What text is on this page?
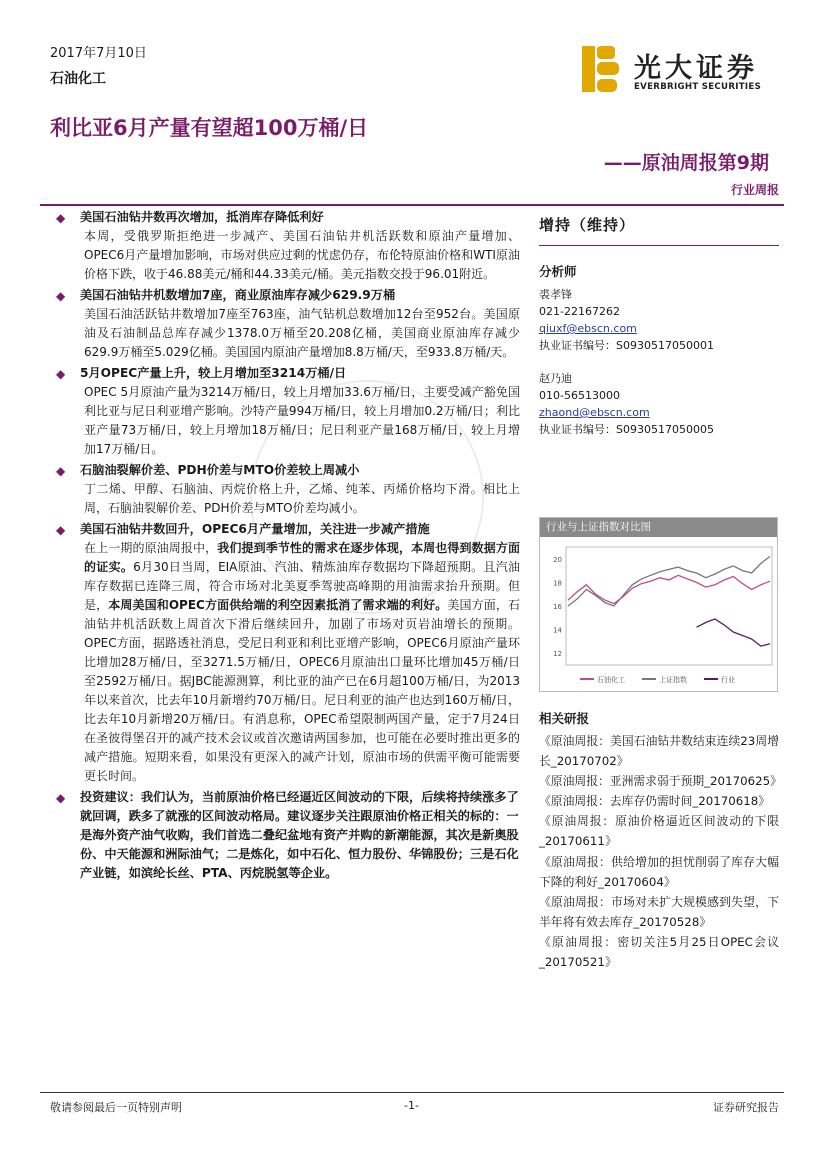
2017年7月10日
石油化工
利比亚6月产量有望超100万桶/日
光大证券
EVERBRIGHT SECURITIES
——原油周报第9期
行业周报
◆ 美国石油钻井数再次增加，抵消库存降低利好
本周，受俄罗斯拒绝进一步减产、美国石油钻井机活跃数和原油产量增加、OPEC6月产量增加影响，市场对供应过剩的忧虑仍存，布伦特原油价格和WTI原油价格下跌，收于46.88美元/桶和44.33美元/桶。美元指数交投于96.01附近。
◆ 美国石油钻井机数增加7座，商业原油库存减少629.9万桶
美国石油活跃钻井数增加7座至763座，油气钻机总数增加12台至952台。美国原油及石油制品总库存减少1378.0万桶至20.208亿桶，美国商业原油库存减少629.9万桶至5.029亿桶。美国国内原油产量增加8.8万桶/天，至933.8万桶/天。
◆ 5月OPEC产量上升，较上月增加至3214万桶/日
OPEC 5月原油产量为3214万桶/日，较上月增加33.6万桶/日，主要受减产豁免国利比亚与尼日利亚增产影响。沙特产量994万桶/日，较上月增加0.2万桶/日；利比亚产量73万桶/日，较上月增加18万桶/日；尼日利亚产量168万桶/日，较上月增加17万桶/日。
◆ 石脑油裂解价差、PDH价差与MTO价差较上周减小
丁二烯、甲醇、石脑油、丙烷价格上升，乙烯、纯苯、丙烯价格均下滑。相比上周，石脑油裂解价差、PDH价差与MTO价差均减小。
◆ 美国石油钻井数回升，OPEC6月产量增加，关注进一步减产措施
在上一期的原油周报中，我们提到季节性的需求在逐步体现，本周也得到数据方面的证实。6月30日当周，EIA原油、汽油、精炼油库存数据均下降超预期。且汽油库存数据已连降三周，符合市场对北美夏季驾驶高峰期的用油需求抬升预期。但是，本周美国和OPEC方面供给端的利空因素抵消了需求端的利好。美国方面，石油钻井机活跃数上周首次下滑后继续回升，加剧了市场对页岩油增长的预期。OPEC方面，据路透社消息，受尼日利亚和利比亚增产影响，OPEC6月原油产量环比增加28万桶/日，至3271.5万桶/日，OPEC6月原油出口量环比增加45万桶/日至2592万桶/日。据JBC能源测算，利比亚的油产已在6月超100万桶/日，为2013年以来首次，比去年10月新增约70万桶/日。尼日利亚的油产也达到160万桶/日，比去年10月新增20万桶/日。有消息称，OPEC希望限制两国产量，定于7月24日在圣彼得堡召开的减产技术会议或首次邀请两国参加，也可能在必要时推出更多的减产措施。短期来看，如果没有更深入的减产计划，原油市场的供需平衡可能需要更长时间。
◆ 投资建议：我们认为，当前原油价格已经逼近区间波动的下限，后续将持续涨多了就回调，跌多了就涨的区间波动格局。建议逐步关注跟原油价格正相关的标的：一是海外资产油气收购，我们首选二叠纪盆地有资产并购的新潮能源，其次是新奥股份、中天能源和洲际油气；二是炼化，如中石化、恒力股份、华锦股份；三是石化产业链，如滨纶长丝、PTA、丙烷脱氢等企业。
增持（维持）
分析师
裘孝锋
021-22167262
qiuxf@ebscn.com
执业证书编号：S0930517050001
赵乃迪
010-56513000
zhaond@ebscn.com
执业证书编号：S0930517050005
行业与上证指数对比图
20
18
16
14
12
石油化工	上证指数	行业
相关研报
《原油周报：美国石油钻井数结束连续23周增长_20170702》
《原油周报：亚洲需求弱于预期_20170625》
《原油周报：去库存仍需时间_20170618》
《原油周报：原油价格逼近区间波动的下限_20170611》
《原油周报：供给增加的担忧削弱了库存大幅下降的利好_20170604》
《原油周报：市场对未扩大规模感到失望，下半年将有效去库存_20170528》
《原油周报：密切关注5月25日OPEC会议_20170521》
敬请参阅最后一页特别声明	-1-	证券研究报告
